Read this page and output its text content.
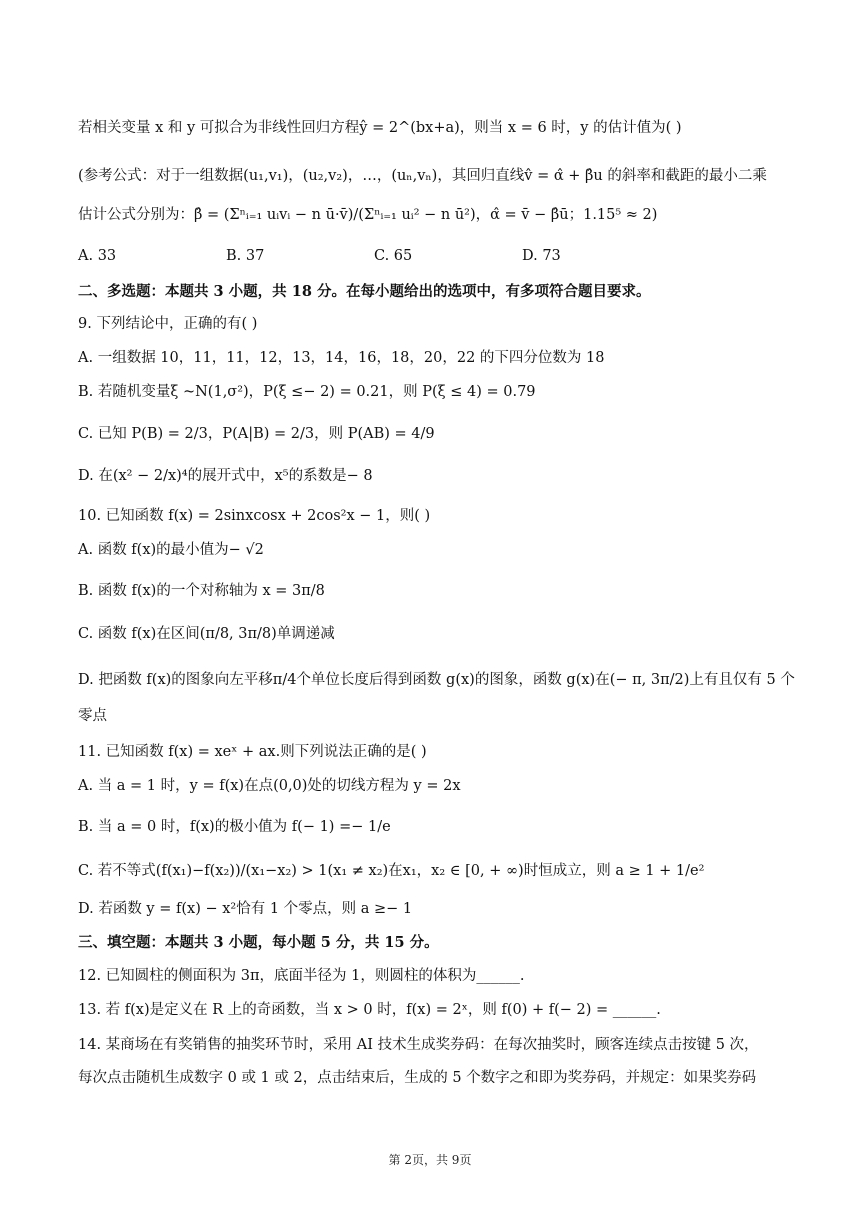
若相关变量 x 和 y 可拟合为非线性回归方程ŷ = 2^(bx+a)，则当 x = 6 时，y 的估计值为( )
(参考公式：对于一组数据(u₁,v₁)，(u₂,v₂)，…，(uₙ,vₙ)，其回归直线v̂ = α̂ + β̂u 的斜率和截距的最小二乘
估计公式分别为：β̂ = (Σⁿᵢ₌₁ uᵢvᵢ − n ū·v̄)/(Σⁿᵢ₌₁ uᵢ² − n ū²)，α̂ = v̄ − β̂ū；1.15⁵ ≈ 2)
A. 33	B. 37	C. 65	D. 73
二、多选题：本题共 3 小题，共 18 分。在每小题给出的选项中，有多项符合题目要求。
9. 下列结论中，正确的有( )
A. 一组数据 10，11，11，12，13，14，16，18，20，22 的下四分位数为 18
B. 若随机变量ξ ~N(1,σ²)，P(ξ ≤− 2) = 0.21，则 P(ξ ≤ 4) = 0.79
C. 已知 P(B) = 2/3，P(A|B) = 2/3，则 P(AB) = 4/9
D. 在(x² − 2/x)⁴的展开式中，x⁵的系数是− 8
10. 已知函数 f(x) = 2sinxcosx + 2cos²x − 1，则( )
A. 函数 f(x)的最小值为− √2
B. 函数 f(x)的一个对称轴为 x = 3π/8
C. 函数 f(x)在区间(π/8, 3π/8)单调递减
D. 把函数 f(x)的图象向左平移π/4个单位长度后得到函数 g(x)的图象，函数 g(x)在(− π, 3π/2)上有且仅有 5 个
零点
11. 已知函数 f(x) = xeˣ + ax.则下列说法正确的是( )
A. 当 a = 1 时，y = f(x)在点(0,0)处的切线方程为 y = 2x
B. 当 a = 0 时，f(x)的极小值为 f(− 1) =− 1/e
C. 若不等式(f(x₁)−f(x₂))/(x₁−x₂) > 1(x₁ ≠ x₂)在x₁，x₂ ∈ [0, + ∞)时恒成立，则 a ≥ 1 + 1/e²
D. 若函数 y = f(x) − x²恰有 1 个零点，则 a ≥− 1
三、填空题：本题共 3 小题，每小题 5 分，共 15 分。
12. 已知圆柱的侧面积为 3π，底面半径为 1，则圆柱的体积为______.
13. 若 f(x)是定义在 R 上的奇函数，当 x > 0 时，f(x) = 2ˣ，则 f(0) + f(− 2) = ______.
14. 某商场在有奖销售的抽奖环节时，采用 AI 技术生成奖券码：在每次抽奖时，顾客连续点击按键 5 次，
每次点击随机生成数字 0 或 1 或 2，点击结束后，生成的 5 个数字之和即为奖券码，并规定：如果奖券码
第 2页，共 9页
